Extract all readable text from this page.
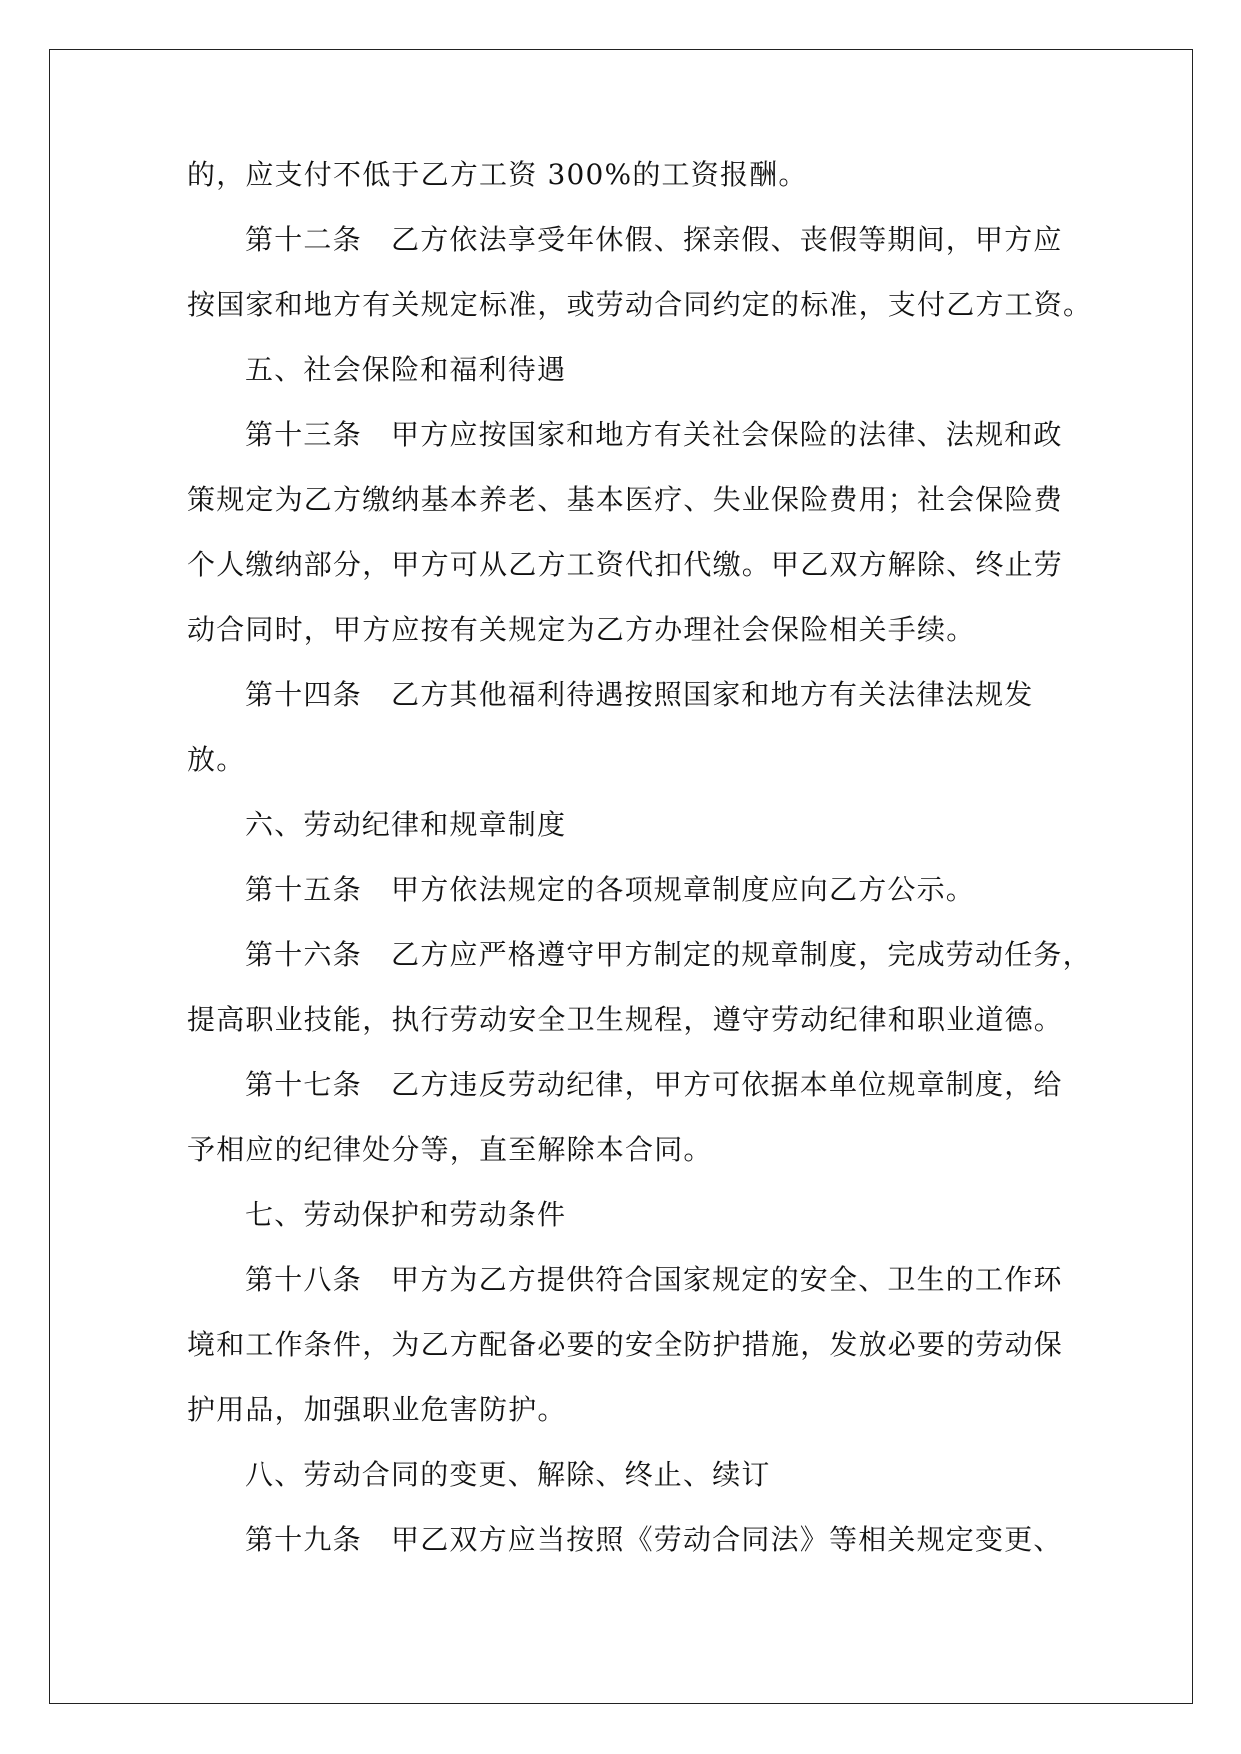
的，应支付不低于乙方工资 300%的工资报酬。
第十二条　乙方依法享受年休假、探亲假、丧假等期间，甲方应
按国家和地方有关规定标准，或劳动合同约定的标准，支付乙方工资。
五、社会保险和福利待遇
第十三条　甲方应按国家和地方有关社会保险的法律、法规和政
策规定为乙方缴纳基本养老、基本医疗、失业保险费用；社会保险费
个人缴纳部分，甲方可从乙方工资代扣代缴。甲乙双方解除、终止劳
动合同时，甲方应按有关规定为乙方办理社会保险相关手续。
第十四条　乙方其他福利待遇按照国家和地方有关法律法规发
放。
六、劳动纪律和规章制度
第十五条　甲方依法规定的各项规章制度应向乙方公示。
第十六条　乙方应严格遵守甲方制定的规章制度，完成劳动任务，
提高职业技能，执行劳动安全卫生规程，遵守劳动纪律和职业道德。
第十七条　乙方违反劳动纪律，甲方可依据本单位规章制度，给
予相应的纪律处分等，直至解除本合同。
七、劳动保护和劳动条件
第十八条　甲方为乙方提供符合国家规定的安全、卫生的工作环
境和工作条件，为乙方配备必要的安全防护措施，发放必要的劳动保
护用品，加强职业危害防护。
八、劳动合同的变更、解除、终止、续订
第十九条　甲乙双方应当按照《劳动合同法》等相关规定变更、
